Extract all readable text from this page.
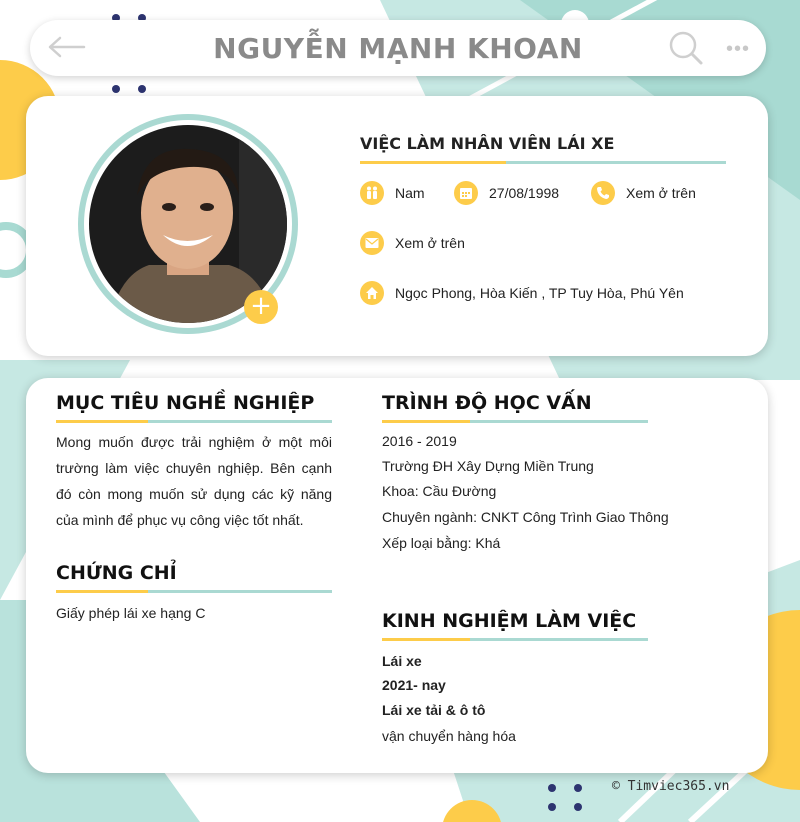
NGUYỄN MẠNH KHOAN	•••
+
VIỆC LÀM NHÂN VIÊN LÁI XE
Nam	27/08/1998	Xem ở trên
Xem ở trên
Ngọc Phong, Hòa Kiến , TP Tuy Hòa, Phú Yên
MỤC TIÊU NGHỀ NGHIỆP
Mong muốn được trải nghiệm ở một môi trường làm việc chuyên nghiệp. Bên cạnh đó còn mong muốn sử dụng các kỹ năng của mình để phục vụ công việc tốt nhất.
CHỨNG CHỈ
Giấy phép lái xe hạng C
TRÌNH ĐỘ HỌC VẤN
2016 - 2019
Trường ĐH Xây Dựng Miền Trung
Khoa: Cầu Đường
Chuyên ngành: CNKT Công Trình Giao Thông
Xếp loại bằng: Khá
KINH NGHIỆM LÀM VIỆC
Lái xe
2021- nay
Lái xe tải & ô tô
vận chuyển hàng hóa
© Timviec365.vn
